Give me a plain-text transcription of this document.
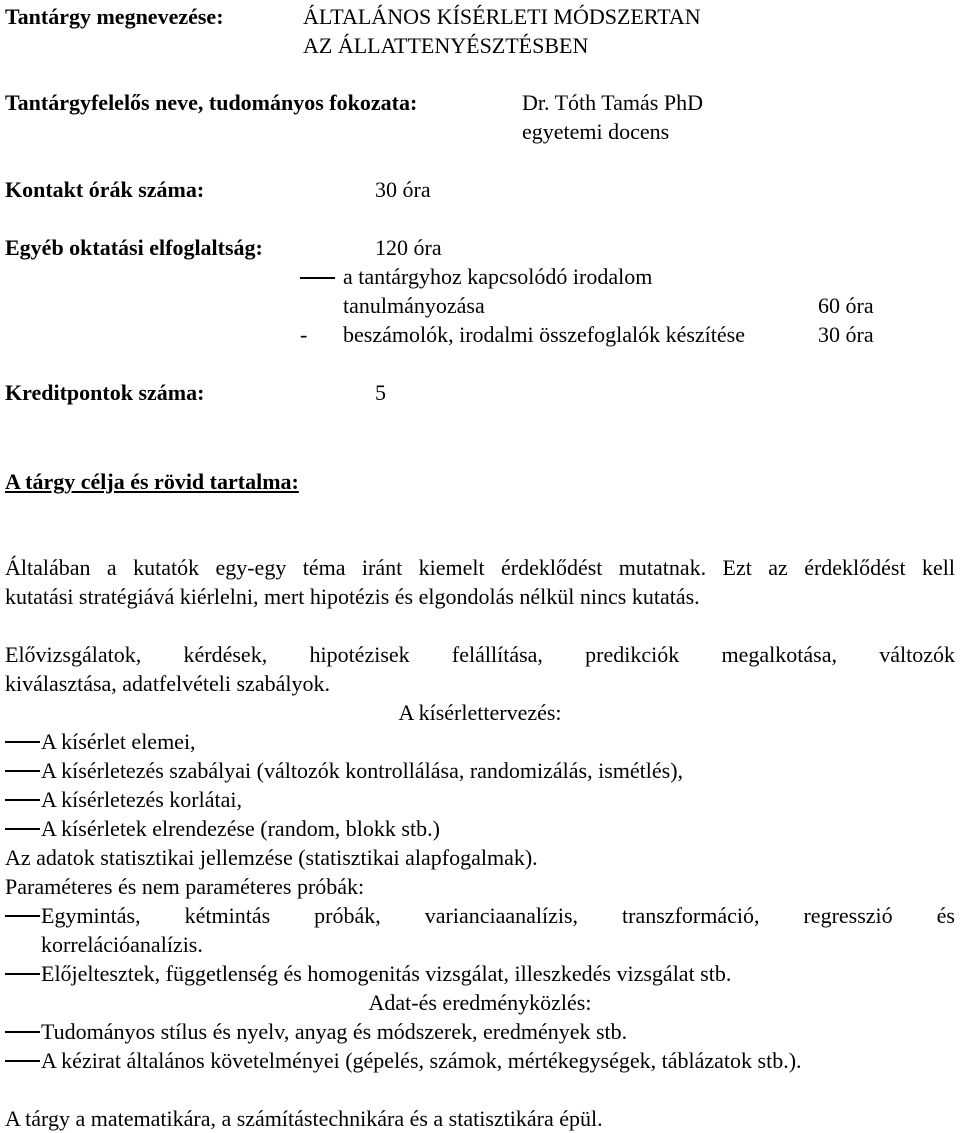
Tantárgy megnevezése:	ÁLTALÁNOS KÍSÉRLETI MÓDSZERTAN
AZ ÁLLATTENYÉSZTÉSBEN
Tantárgyfelelős neve, tudományos fokozata:	Dr. Tóth Tamás PhD
egyetemi docens
Kontakt órák száma:	30 óra
Egyéb oktatási elfoglaltság:	120 óra
a tantárgyhoz kapcsolódó irodalom
tanulmányozása	60 óra
- beszámolók, irodalmi összefoglalók készítése	30 óra
Kreditpontok száma:	5
A tárgy célja és rövid tartalma:
Általában a kutatók egy-egy téma iránt kiemelt érdeklődést mutatnak. Ezt az érdeklődést kell
kutatási stratégiává kiérlelni, mert hipotézis és elgondolás nélkül nincs kutatás.
Elővizsgálatok, kérdések, hipotézisek felállítása, predikciók megalkotása, változók
kiválasztása, adatfelvételi szabályok.
A kísérlettervezés:
A kísérlet elemei,
A kísérletezés szabályai (változók kontrollálása, randomizálás, ismétlés),
A kísérletezés korlátai,
A kísérletek elrendezése (random, blokk stb.)
Az adatok statisztikai jellemzése (statisztikai alapfogalmak).
Paraméteres és nem paraméteres próbák:
Egymintás, kétmintás próbák, varianciaanalízis, transzformáció, regresszió és
korrelációanalízis.
Előjeltesztek, függetlenség és homogenitás vizsgálat, illeszkedés vizsgálat stb.
Adat-és eredményközlés:
Tudományos stílus és nyelv, anyag és módszerek, eredmények stb.
A kézirat általános követelményei (gépelés, számok, mértékegységek, táblázatok stb.).
A tárgy a matematikára, a számítástechnikára és a statisztikára épül.
